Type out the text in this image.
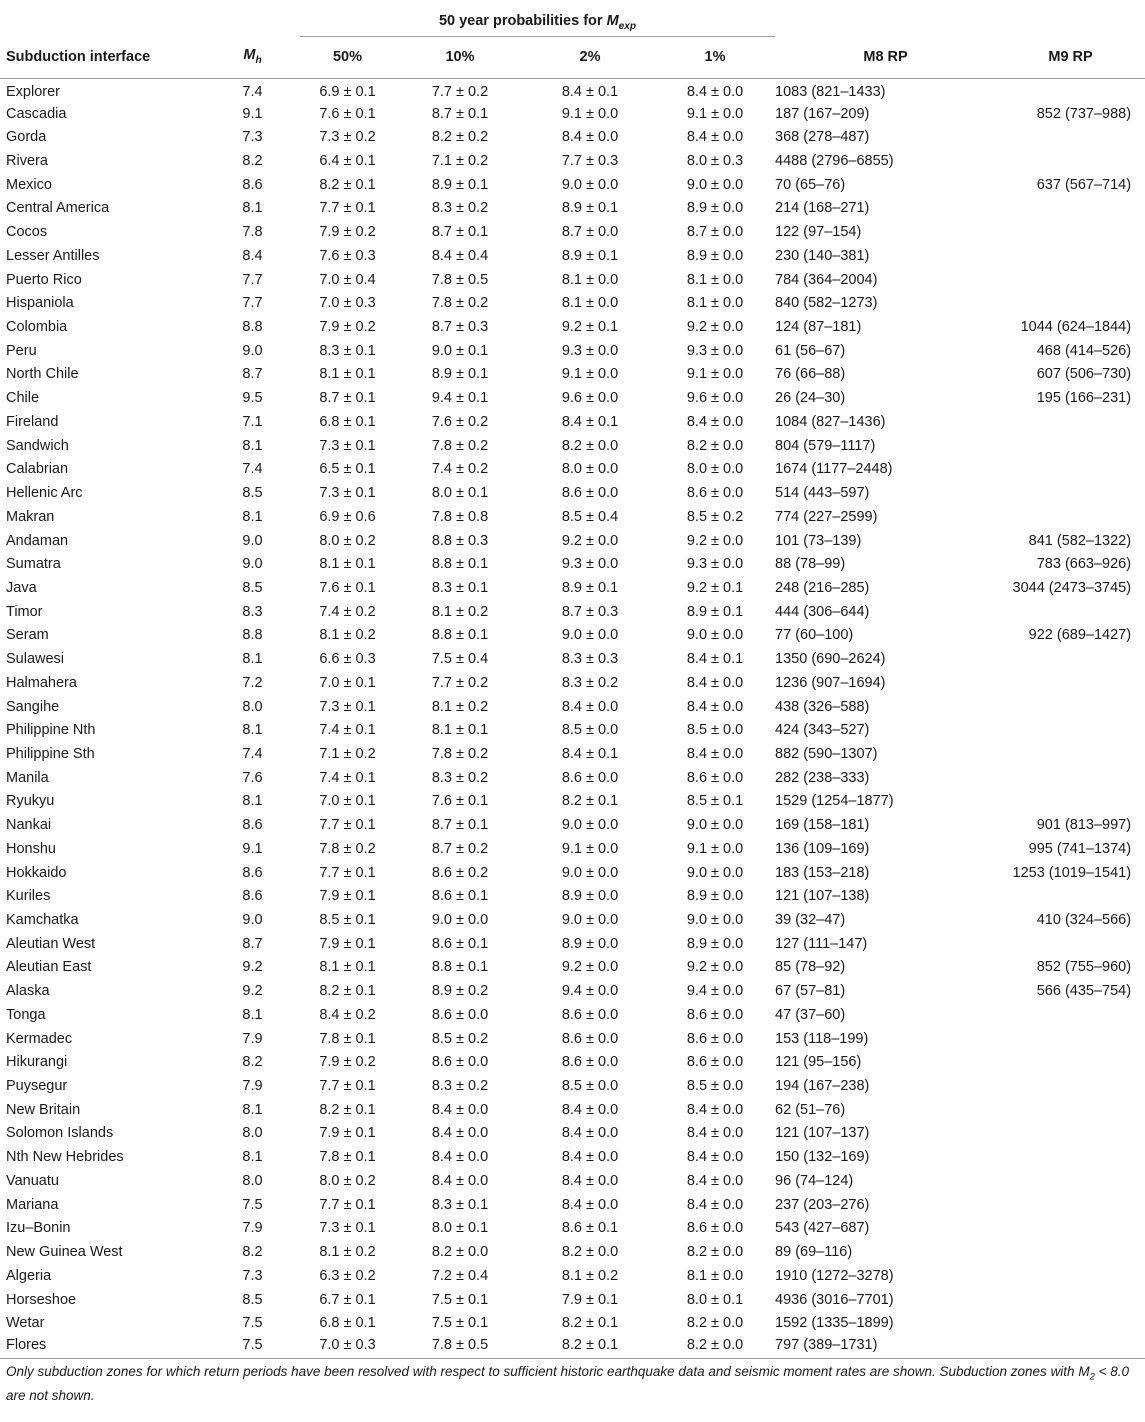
		50 year probabilities for $M_{exp}$		
Subduction interface	$M_h$	50%	10%	2%	1%	M8 RP	M9 RP
Explorer	7.4	6.9 ± 0.1	7.7 ± 0.2	8.4 ± 0.1	8.4 ± 0.0	1083 (821–1433)	
Cascadia	9.1	7.6 ± 0.1	8.7 ± 0.1	9.1 ± 0.0	9.1 ± 0.0	187 (167–209)	852 (737–988)
Gorda	7.3	7.3 ± 0.2	8.2 ± 0.2	8.4 ± 0.0	8.4 ± 0.0	368 (278–487)	
Rivera	8.2	6.4 ± 0.1	7.1 ± 0.2	7.7 ± 0.3	8.0 ± 0.3	4488 (2796–6855)	
Mexico	8.6	8.2 ± 0.1	8.9 ± 0.1	9.0 ± 0.0	9.0 ± 0.0	70 (65–76)	637 (567–714)
Central America	8.1	7.7 ± 0.1	8.3 ± 0.2	8.9 ± 0.1	8.9 ± 0.0	214 (168–271)	
Cocos	7.8	7.9 ± 0.2	8.7 ± 0.1	8.7 ± 0.0	8.7 ± 0.0	122 (97–154)	
Lesser Antilles	8.4	7.6 ± 0.3	8.4 ± 0.4	8.9 ± 0.1	8.9 ± 0.0	230 (140–381)	
Puerto Rico	7.7	7.0 ± 0.4	7.8 ± 0.5	8.1 ± 0.0	8.1 ± 0.0	784 (364–2004)	
Hispaniola	7.7	7.0 ± 0.3	7.8 ± 0.2	8.1 ± 0.0	8.1 ± 0.0	840 (582–1273)	
Colombia	8.8	7.9 ± 0.2	8.7 ± 0.3	9.2 ± 0.1	9.2 ± 0.0	124 (87–181)	1044 (624–1844)
Peru	9.0	8.3 ± 0.1	9.0 ± 0.1	9.3 ± 0.0	9.3 ± 0.0	61 (56–67)	468 (414–526)
North Chile	8.7	8.1 ± 0.1	8.9 ± 0.1	9.1 ± 0.0	9.1 ± 0.0	76 (66–88)	607 (506–730)
Chile	9.5	8.7 ± 0.1	9.4 ± 0.1	9.6 ± 0.0	9.6 ± 0.0	26 (24–30)	195 (166–231)
Fireland	7.1	6.8 ± 0.1	7.6 ± 0.2	8.4 ± 0.1	8.4 ± 0.0	1084 (827–1436)	
Sandwich	8.1	7.3 ± 0.1	7.8 ± 0.2	8.2 ± 0.0	8.2 ± 0.0	804 (579–1117)	
Calabrian	7.4	6.5 ± 0.1	7.4 ± 0.2	8.0 ± 0.0	8.0 ± 0.0	1674 (1177–2448)	
Hellenic Arc	8.5	7.3 ± 0.1	8.0 ± 0.1	8.6 ± 0.0	8.6 ± 0.0	514 (443–597)	
Makran	8.1	6.9 ± 0.6	7.8 ± 0.8	8.5 ± 0.4	8.5 ± 0.2	774 (227–2599)	
Andaman	9.0	8.0 ± 0.2	8.8 ± 0.3	9.2 ± 0.0	9.2 ± 0.0	101 (73–139)	841 (582–1322)
Sumatra	9.0	8.1 ± 0.1	8.8 ± 0.1	9.3 ± 0.0	9.3 ± 0.0	88 (78–99)	783 (663–926)
Java	8.5	7.6 ± 0.1	8.3 ± 0.1	8.9 ± 0.1	9.2 ± 0.1	248 (216–285)	3044 (2473–3745)
Timor	8.3	7.4 ± 0.2	8.1 ± 0.2	8.7 ± 0.3	8.9 ± 0.1	444 (306–644)	
Seram	8.8	8.1 ± 0.2	8.8 ± 0.1	9.0 ± 0.0	9.0 ± 0.0	77 (60–100)	922 (689–1427)
Sulawesi	8.1	6.6 ± 0.3	7.5 ± 0.4	8.3 ± 0.3	8.4 ± 0.1	1350 (690–2624)	
Halmahera	7.2	7.0 ± 0.1	7.7 ± 0.2	8.3 ± 0.2	8.4 ± 0.0	1236 (907–1694)	
Sangihe	8.0	7.3 ± 0.1	8.1 ± 0.2	8.4 ± 0.0	8.4 ± 0.0	438 (326–588)	
Philippine Nth	8.1	7.4 ± 0.1	8.1 ± 0.1	8.5 ± 0.0	8.5 ± 0.0	424 (343–527)	
Philippine Sth	7.4	7.1 ± 0.2	7.8 ± 0.2	8.4 ± 0.1	8.4 ± 0.0	882 (590–1307)	
Manila	7.6	7.4 ± 0.1	8.3 ± 0.2	8.6 ± 0.0	8.6 ± 0.0	282 (238–333)	
Ryukyu	8.1	7.0 ± 0.1	7.6 ± 0.1	8.2 ± 0.1	8.5 ± 0.1	1529 (1254–1877)	
Nankai	8.6	7.7 ± 0.1	8.7 ± 0.1	9.0 ± 0.0	9.0 ± 0.0	169 (158–181)	901 (813–997)
Honshu	9.1	7.8 ± 0.2	8.7 ± 0.2	9.1 ± 0.0	9.1 ± 0.0	136 (109–169)	995 (741–1374)
Hokkaido	8.6	7.7 ± 0.1	8.6 ± 0.2	9.0 ± 0.0	9.0 ± 0.0	183 (153–218)	1253 (1019–1541)
Kuriles	8.6	7.9 ± 0.1	8.6 ± 0.1	8.9 ± 0.0	8.9 ± 0.0	121 (107–138)	
Kamchatka	9.0	8.5 ± 0.1	9.0 ± 0.0	9.0 ± 0.0	9.0 ± 0.0	39 (32–47)	410 (324–566)
Aleutian West	8.7	7.9 ± 0.1	8.6 ± 0.1	8.9 ± 0.0	8.9 ± 0.0	127 (111–147)	
Aleutian East	9.2	8.1 ± 0.1	8.8 ± 0.1	9.2 ± 0.0	9.2 ± 0.0	85 (78–92)	852 (755–960)
Alaska	9.2	8.2 ± 0.1	8.9 ± 0.2	9.4 ± 0.0	9.4 ± 0.0	67 (57–81)	566 (435–754)
Tonga	8.1	8.4 ± 0.2	8.6 ± 0.0	8.6 ± 0.0	8.6 ± 0.0	47 (37–60)	
Kermadec	7.9	7.8 ± 0.1	8.5 ± 0.2	8.6 ± 0.0	8.6 ± 0.0	153 (118–199)	
Hikurangi	8.2	7.9 ± 0.2	8.6 ± 0.0	8.6 ± 0.0	8.6 ± 0.0	121 (95–156)	
Puysegur	7.9	7.7 ± 0.1	8.3 ± 0.2	8.5 ± 0.0	8.5 ± 0.0	194 (167–238)	
New Britain	8.1	8.2 ± 0.1	8.4 ± 0.0	8.4 ± 0.0	8.4 ± 0.0	62 (51–76)	
Solomon Islands	8.0	7.9 ± 0.1	8.4 ± 0.0	8.4 ± 0.0	8.4 ± 0.0	121 (107–137)	
Nth New Hebrides	8.1	7.8 ± 0.1	8.4 ± 0.0	8.4 ± 0.0	8.4 ± 0.0	150 (132–169)	
Vanuatu	8.0	8.0 ± 0.2	8.4 ± 0.0	8.4 ± 0.0	8.4 ± 0.0	96 (74–124)	
Mariana	7.5	7.7 ± 0.1	8.3 ± 0.1	8.4 ± 0.0	8.4 ± 0.0	237 (203–276)	
Izu–Bonin	7.9	7.3 ± 0.1	8.0 ± 0.1	8.6 ± 0.1	8.6 ± 0.0	543 (427–687)	
New Guinea West	8.2	8.1 ± 0.2	8.2 ± 0.0	8.2 ± 0.0	8.2 ± 0.0	89 (69–116)	
Algeria	7.3	6.3 ± 0.2	7.2 ± 0.4	8.1 ± 0.2	8.1 ± 0.0	1910 (1272–3278)	
Horseshoe	8.5	6.7 ± 0.1	7.5 ± 0.1	7.9 ± 0.1	8.0 ± 0.1	4936 (3016–7701)	
Wetar	7.5	6.8 ± 0.1	7.5 ± 0.1	8.2 ± 0.1	8.2 ± 0.0	1592 (1335–1899)	
Flores	7.5	7.0 ± 0.3	7.8 ± 0.5	8.2 ± 0.1	8.2 ± 0.0	797 (389–1731)	
Only subduction zones for which return periods have been resolved with respect to sufficient historic earthquake data and seismic moment rates are shown. Subduction zones with $M_2 < 8.0$ are not shown.
